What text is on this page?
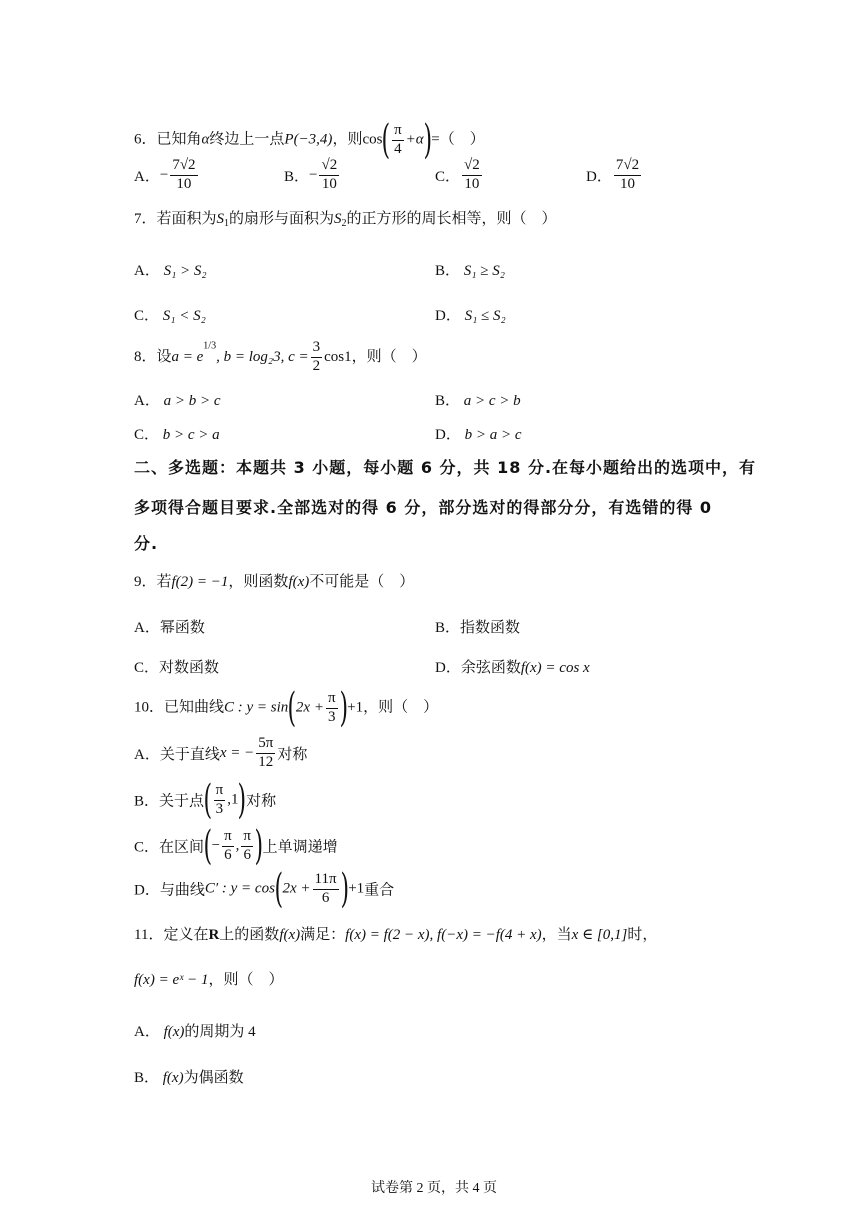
6．已知角α终边上一点P(−3,4)，则$\cos( \frac{\pi}{4} +\alpha)=$（　）
A．− $\frac{7√2}{10}$	B．− $\frac{√2}{10}$	C． $\frac{√2}{10}$	D． $\frac{7√2}{10}$
7．若面积为$S_1$的扇形与面积为$S_2$的正方形的周长相等，则（　）
A． S₁ > S₂	B． S₁ ≥ S₂
C． S₁ < S₂	D． S₁ ≤ S₂
8．设$a = e^{1/3}$, b = log₂3, $c = \frac{3}{2} \cos 1$，则（　）
A． a > b > c	B． a > c > b
C． b > c > a	D． b > a > c
二、多选题：本题共 3 小题，每小题 6 分，共 18 分.在每小题给出的选项中，有
多项得合题目要求.全部选对的得 6 分，部分选对的得部分分，有选错的得 0
分.
9．若f(2) = −1，则函数f(x)不可能是（　）
A．幂函数	B．指数函数
C．对数函数	D．余弦函数f(x) = cos x
10．已知曲线C : $y = \sin(2x + \frac{\pi}{3} )+1$，则（　）
A．关于直线x = − $\frac{5\pi}{12}$ 对称
B．关于点( $\frac{\pi}{3} ,1$)对称
C．在区间(− $\frac{\pi}{6}$ , $\frac{\pi}{6}$ )上单调递增
D．与曲线C′ : $y = \cos(2x + \frac{11\pi}{6} )+1$重合
11．定义在R上的函数f(x)满足：f(x) = f(2 − x), f(−x) = −f(4 + x)，当x ∈ [0,1]时，
f(x) = eˣ − 1，则（　）
A． f(x)的周期为 4
B． f(x)为偶函数
试卷第 2 页，共 4 页
